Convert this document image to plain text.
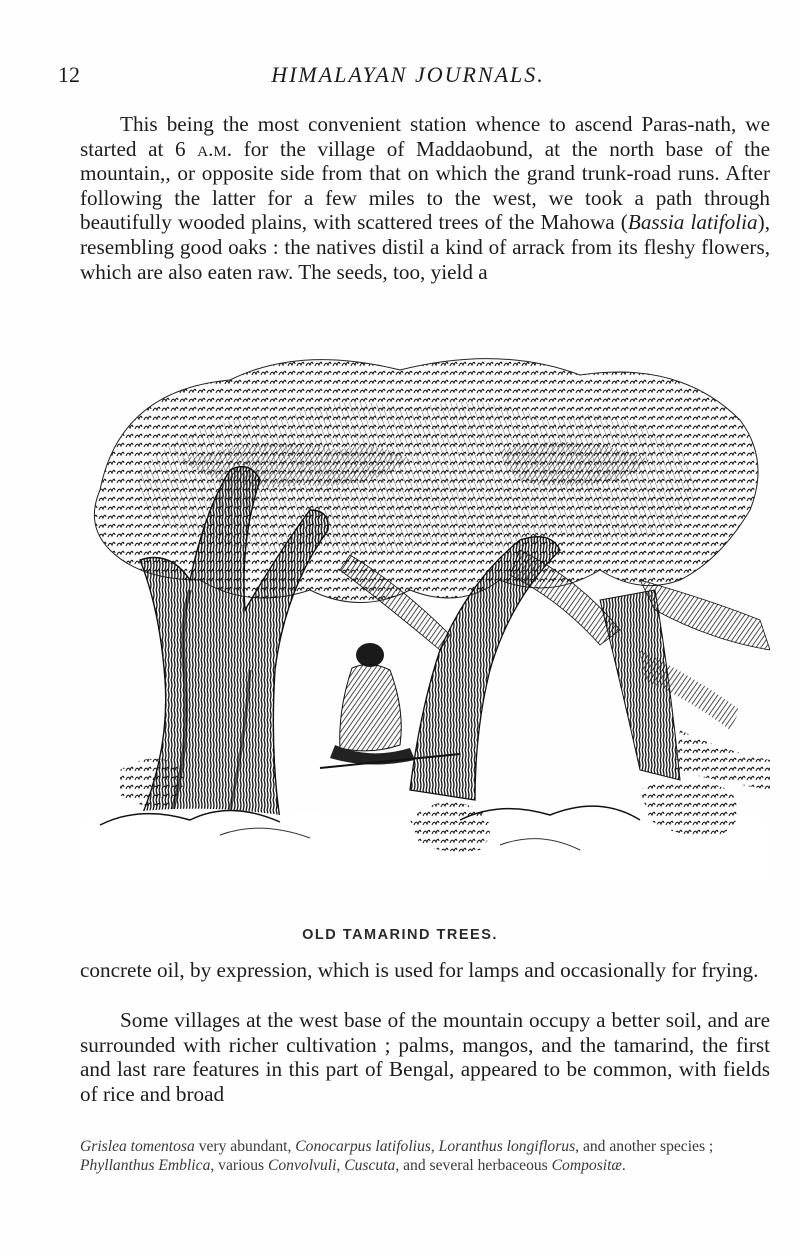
12	HIMALAYAN JOURNALS.

This being the most convenient station whence to ascend Paras-nath, we started at 6 a.m. for the village of Maddaobund, at the north base of the mountain,, or opposite side from that on which the grand trunk-road runs. After following the latter for a few miles to the west, we took a path through beautifully wooded plains, with scattered trees of the Mahowa (Bassia latifolia), resembling good oaks : the natives distil a kind of arrack from its fleshy flowers, which are also eaten raw. The seeds, too, yield a

OLD TAMARIND TREES.

concrete oil, by expression, which is used for lamps and occasionally for frying.

Some villages at the west base of the mountain occupy a better soil, and are surrounded with richer cultivation ; palms, mangos, and the tamarind, the first and last rare features in this part of Bengal, appeared to be common, with fields of rice and broad

Grislea tomentosa very abundant, Conocarpus latifolius, Loranthus longiflorus, and another species ; Phyllanthus Emblica, various Convolvuli, Cuscuta, and several herbaceous Compositæ.
